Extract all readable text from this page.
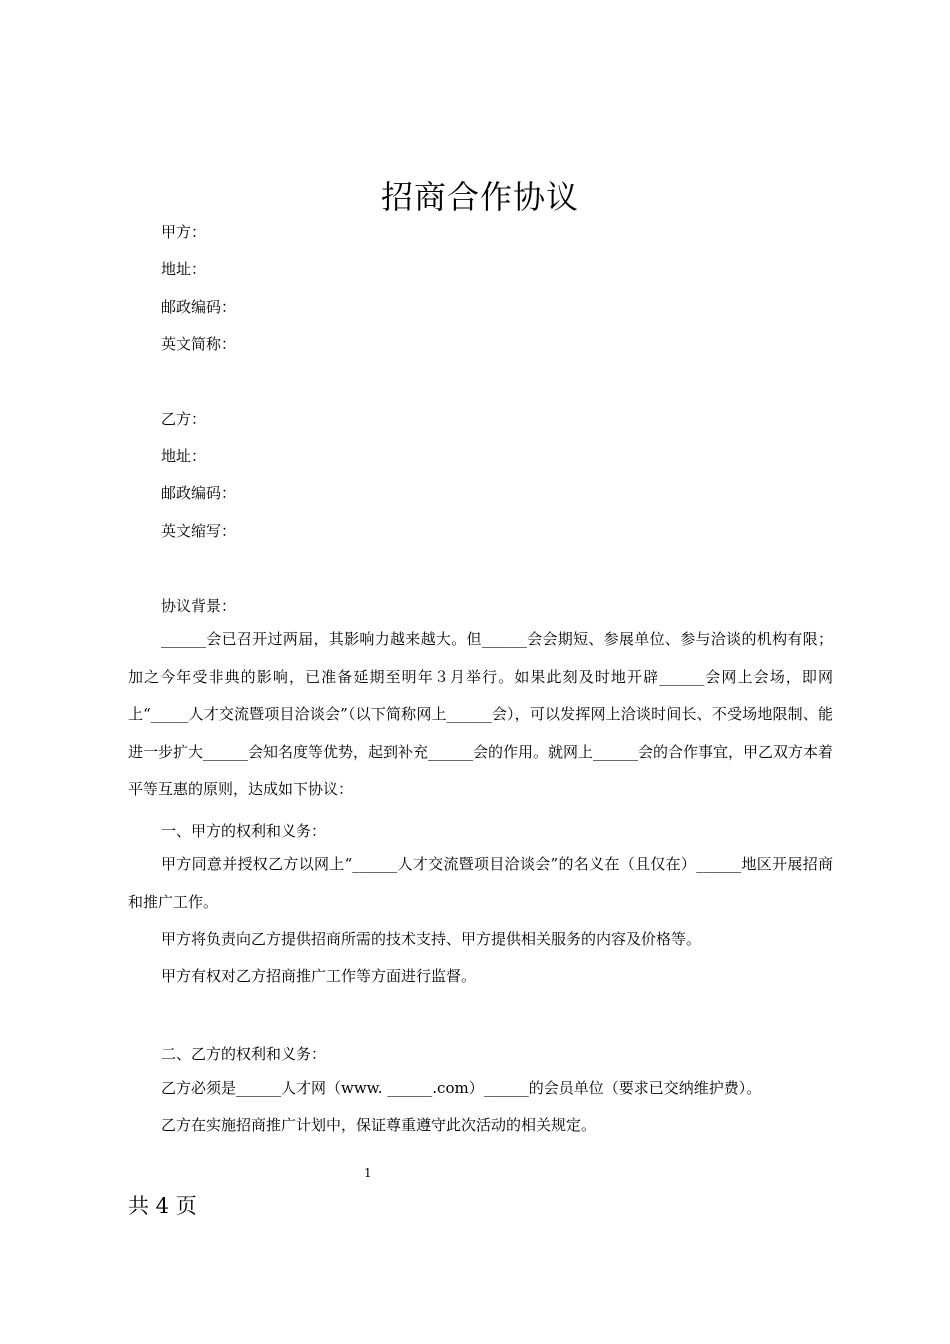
招商合作协议
甲方：
地址：
邮政编码：
英文简称：
乙方：
地址：
邮政编码：
英文缩写：
协议背景：
______会已召开过两届，其影响力越来越大。但______会会期短、参展单位、参与洽谈的机构有限；加之今年受非典的影响，已准备延期至明年３月举行。如果此刻及时地开辟______会网上会场，即网上“_____人才交流暨项目洽谈会”（以下简称网上______会），可以发挥网上洽谈时间长、不受场地限制、能进一步扩大______会知名度等优势，起到补充______会的作用。就网上______会的合作事宜，甲乙双方本着平等互惠的原则，达成如下协议：
一、甲方的权利和义务：
甲方同意并授权乙方以网上“______人才交流暨项目洽谈会”的名义在（且仅在）______地区开展招商和推广工作。
甲方将负责向乙方提供招商所需的技术支持、甲方提供相关服务的内容及价格等。
甲方有权对乙方招商推广工作等方面进行监督。
二、乙方的权利和义务：
乙方必须是______人才网（www. ______.com）______的会员单位（要求已交纳维护费）。
乙方在实施招商推广计划中，保证尊重遵守此次活动的相关规定。
1
共 4 页
